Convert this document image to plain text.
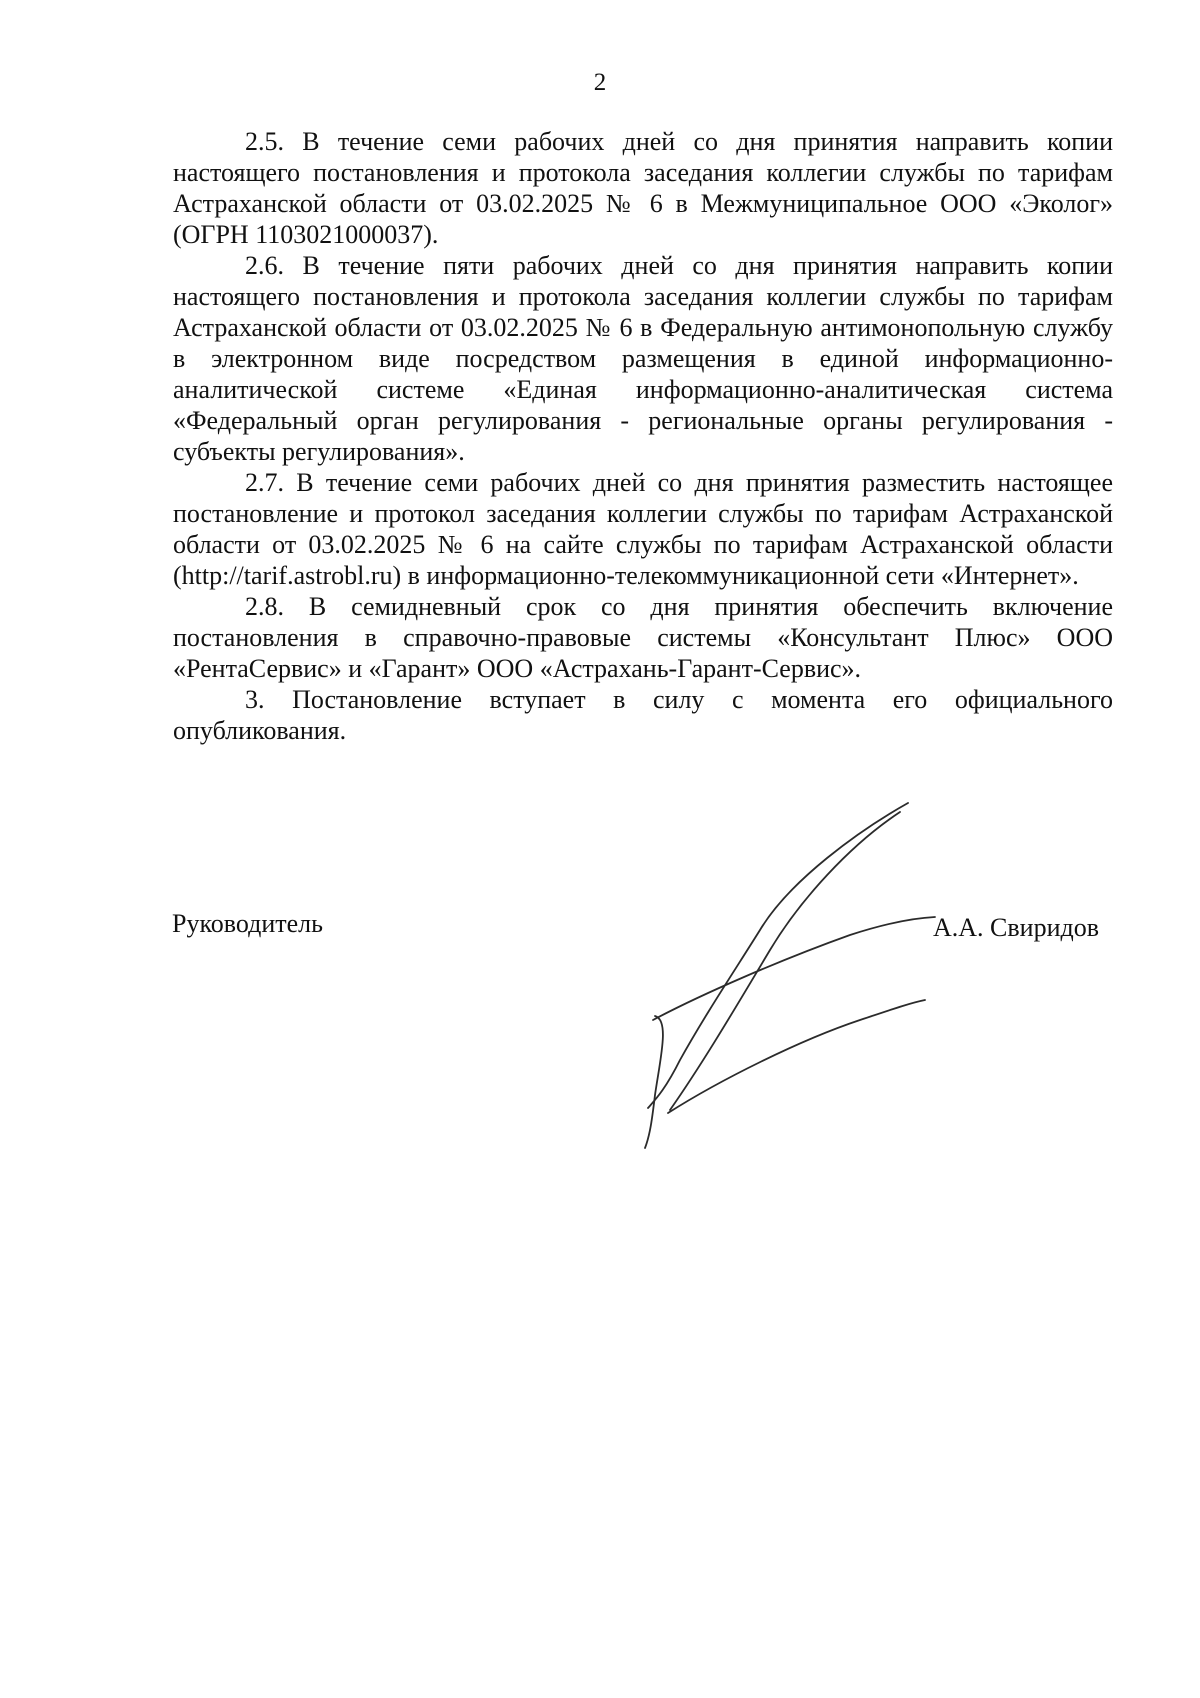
2

2.5. В течение семи рабочих дней со дня принятия направить копии настоящего постановления и протокола заседания коллегии службы по тарифам Астраханской области от 03.02.2025 № 6 в Межмуниципальное ООО «Эколог» (ОГРН 1103021000037).

2.6. В течение пяти рабочих дней со дня принятия направить копии настоящего постановления и протокола заседания коллегии службы по тарифам Астраханской области от 03.02.2025 № 6 в Федеральную антимонопольную службу в электронном виде посредством размещения в единой информационно-аналитической системе «Единая информационно-аналитическая система «Федеральный орган регулирования - региональные органы регулирования - субъекты регулирования».

2.7. В течение семи рабочих дней со дня принятия разместить настоящее постановление и протокол заседания коллегии службы по тарифам Астраханской области от 03.02.2025 № 6 на сайте службы по тарифам Астраханской области (http://tarif.astrobl.ru) в информационно-телекоммуникационной сети «Интернет».

2.8. В семидневный срок со дня принятия обеспечить включение постановления в справочно-правовые системы «Консультант Плюс» ООО «РентаСервис» и «Гарант» ООО «Астрахань-Гарант-Сервис».

3. Постановление вступает в силу с момента его официального опубликования.

Руководитель	А.А. Свиридов
